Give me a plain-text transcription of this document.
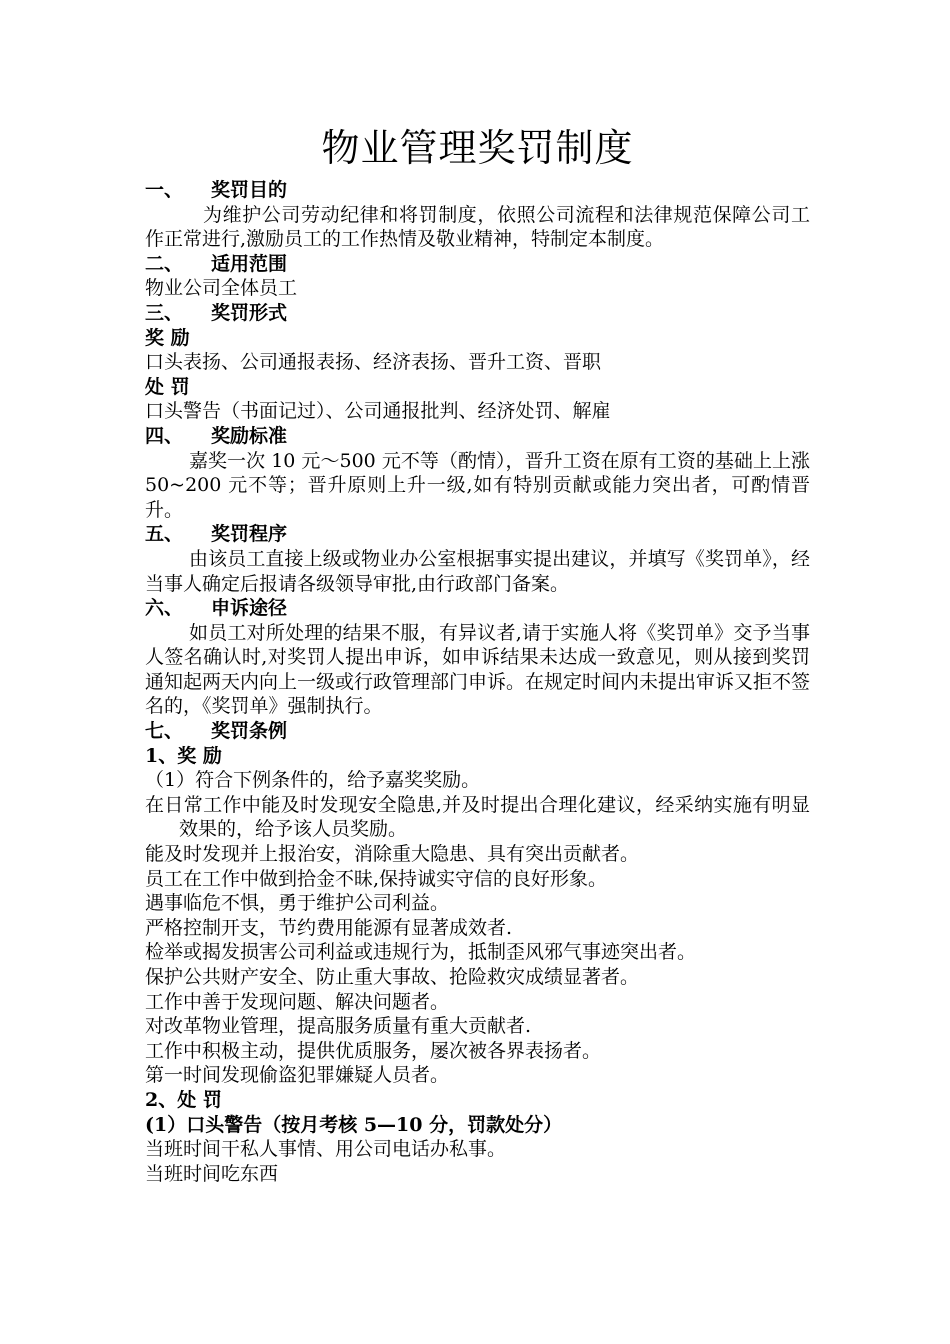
物业管理奖罚制度
一、 奖罚目的

为维护公司劳动纪律和将罚制度，依照公司流程和法律规范保障公司工作正常进行,激励员工的工作热情及敬业精神，特制定本制度。

二、 适用范围

物业公司全体员工

三、 奖罚形式
奖 励

口头表扬、公司通报表扬、经济表扬、晋升工资、晋职

处 罚

口头警告（书面记过）、公司通报批判、经济处罚、解雇

四、 奖励标准

嘉奖一次 10 元～500 元不等（酌情），晋升工资在原有工资的基础上上涨 50~200 元不等；晋升原则上升一级,如有特别贡献或能力突出者，可酌情晋升。

五、 奖罚程序

由该员工直接上级或物业办公室根据事实提出建议，并填写《奖罚单》，经当事人确定后报请各级领导审批,由行政部门备案。

六、 申诉途径

如员工对所处理的结果不服，有异议者,请于实施人将《奖罚单》交予当事人签名确认时,对奖罚人提出申诉，如申诉结果未达成一致意见，则从接到奖罚通知起两天内向上一级或行政管理部门申诉。在规定时间内未提出审诉又拒不签名的，《奖罚单》强制执行。

七、 奖罚条例
1、奖 励

（1）符合下例条件的，给予嘉奖奖励。

在日常工作中能及时发现安全隐患,并及时提出合理化建议，经采纳实施有明显效果的，给予该人员奖励。

能及时发现并上报治安，消除重大隐患、具有突出贡献者。

员工在工作中做到拾金不昧,保持诚实守信的良好形象。

遇事临危不惧，勇于维护公司利益。

严格控制开支，节约费用能源有显著成效者.

检举或揭发损害公司利益或违规行为，抵制歪风邪气事迹突出者。

保护公共财产安全、防止重大事故、抢险救灾成绩显著者。

工作中善于发现问题、解决问题者。

对改革物业管理，提高服务质量有重大贡献者.

工作中积极主动，提供优质服务，屡次被各界表扬者。

第一时间发现偷盗犯罪嫌疑人员者。

2、处 罚
(1）口头警告（按月考核 5—10 分，罚款处分）

当班时间干私人事情、用公司电话办私事。

当班时间吃东西
